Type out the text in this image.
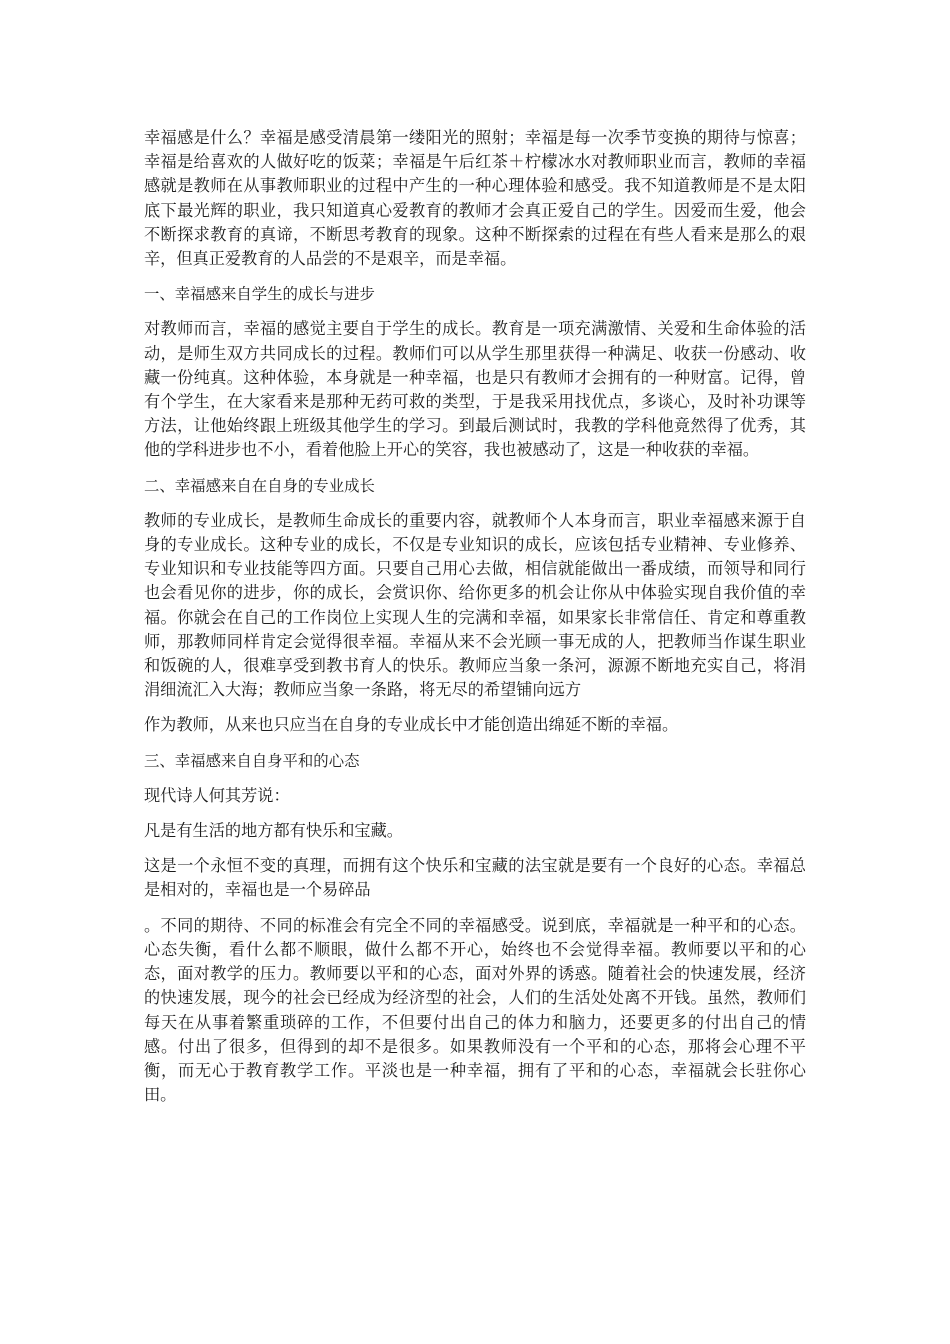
幸福感是什么？幸福是感受清晨第一缕阳光的照射；幸福是每一次季节变换的期待与惊喜；幸福是给喜欢的人做好吃的饭菜；幸福是午后红茶＋柠檬冰水对教师职业而言，教师的幸福感就是教师在从事教师职业的过程中产生的一种心理体验和感受。我不知道教师是不是太阳底下最光辉的职业，我只知道真心爱教育的教师才会真正爱自己的学生。因爱而生爱，他会不断探求教育的真谛，不断思考教育的现象。这种不断探索的过程在有些人看来是那么的艰辛，但真正爱教育的人品尝的不是艰辛，而是幸福。

一、幸福感来自学生的成长与进步

对教师而言，幸福的感觉主要自于学生的成长。教育是一项充满激情、关爱和生命体验的活动，是师生双方共同成长的过程。教师们可以从学生那里获得一种满足、收获一份感动、收藏一份纯真。这种体验，本身就是一种幸福，也是只有教师才会拥有的一种财富。记得，曾有个学生，在大家看来是那种无药可救的类型，于是我采用找优点，多谈心，及时补功课等方法，让他始终跟上班级其他学生的学习。到最后测试时，我教的学科他竟然得了优秀，其他的学科进步也不小，看着他脸上开心的笑容，我也被感动了，这是一种收获的幸福。

二、幸福感来自在自身的专业成长

教师的专业成长，是教师生命成长的重要内容，就教师个人本身而言，职业幸福感来源于自身的专业成长。这种专业的成长，不仅是专业知识的成长，应该包括专业精神、专业修养、专业知识和专业技能等四方面。只要自己用心去做，相信就能做出一番成绩，而领导和同行也会看见你的进步，你的成长，会赏识你、给你更多的机会让你从中体验实现自我价值的幸福。你就会在自己的工作岗位上实现人生的完满和幸福，如果家长非常信任、肯定和尊重教师，那教师同样肯定会觉得很幸福。幸福从来不会光顾一事无成的人，把教师当作谋生职业和饭碗的人，很难享受到教书育人的快乐。教师应当象一条河，源源不断地充实自己，将涓涓细流汇入大海；教师应当象一条路，将无尽的希望铺向远方

作为教师，从来也只应当在自身的专业成长中才能创造出绵延不断的幸福。

三、幸福感来自自身平和的心态

现代诗人何其芳说：

凡是有生活的地方都有快乐和宝藏。

这是一个永恒不变的真理，而拥有这个快乐和宝藏的法宝就是要有一个良好的心态。幸福总是相对的，幸福也是一个易碎品

。不同的期待、不同的标准会有完全不同的幸福感受。说到底，幸福就是一种平和的心态。心态失衡，看什么都不顺眼，做什么都不开心，始终也不会觉得幸福。教师要以平和的心态，面对教学的压力。教师要以平和的心态，面对外界的诱惑。随着社会的快速发展，经济的快速发展，现今的社会已经成为经济型的社会，人们的生活处处离不开钱。虽然，教师们每天在从事着繁重琐碎的工作，不但要付出自己的体力和脑力，还要更多的付出自己的情感。付出了很多，但得到的却不是很多。如果教师没有一个平和的心态，那将会心理不平衡，而无心于教育教学工作。平淡也是一种幸福，拥有了平和的心态，幸福就会长驻你心田。
